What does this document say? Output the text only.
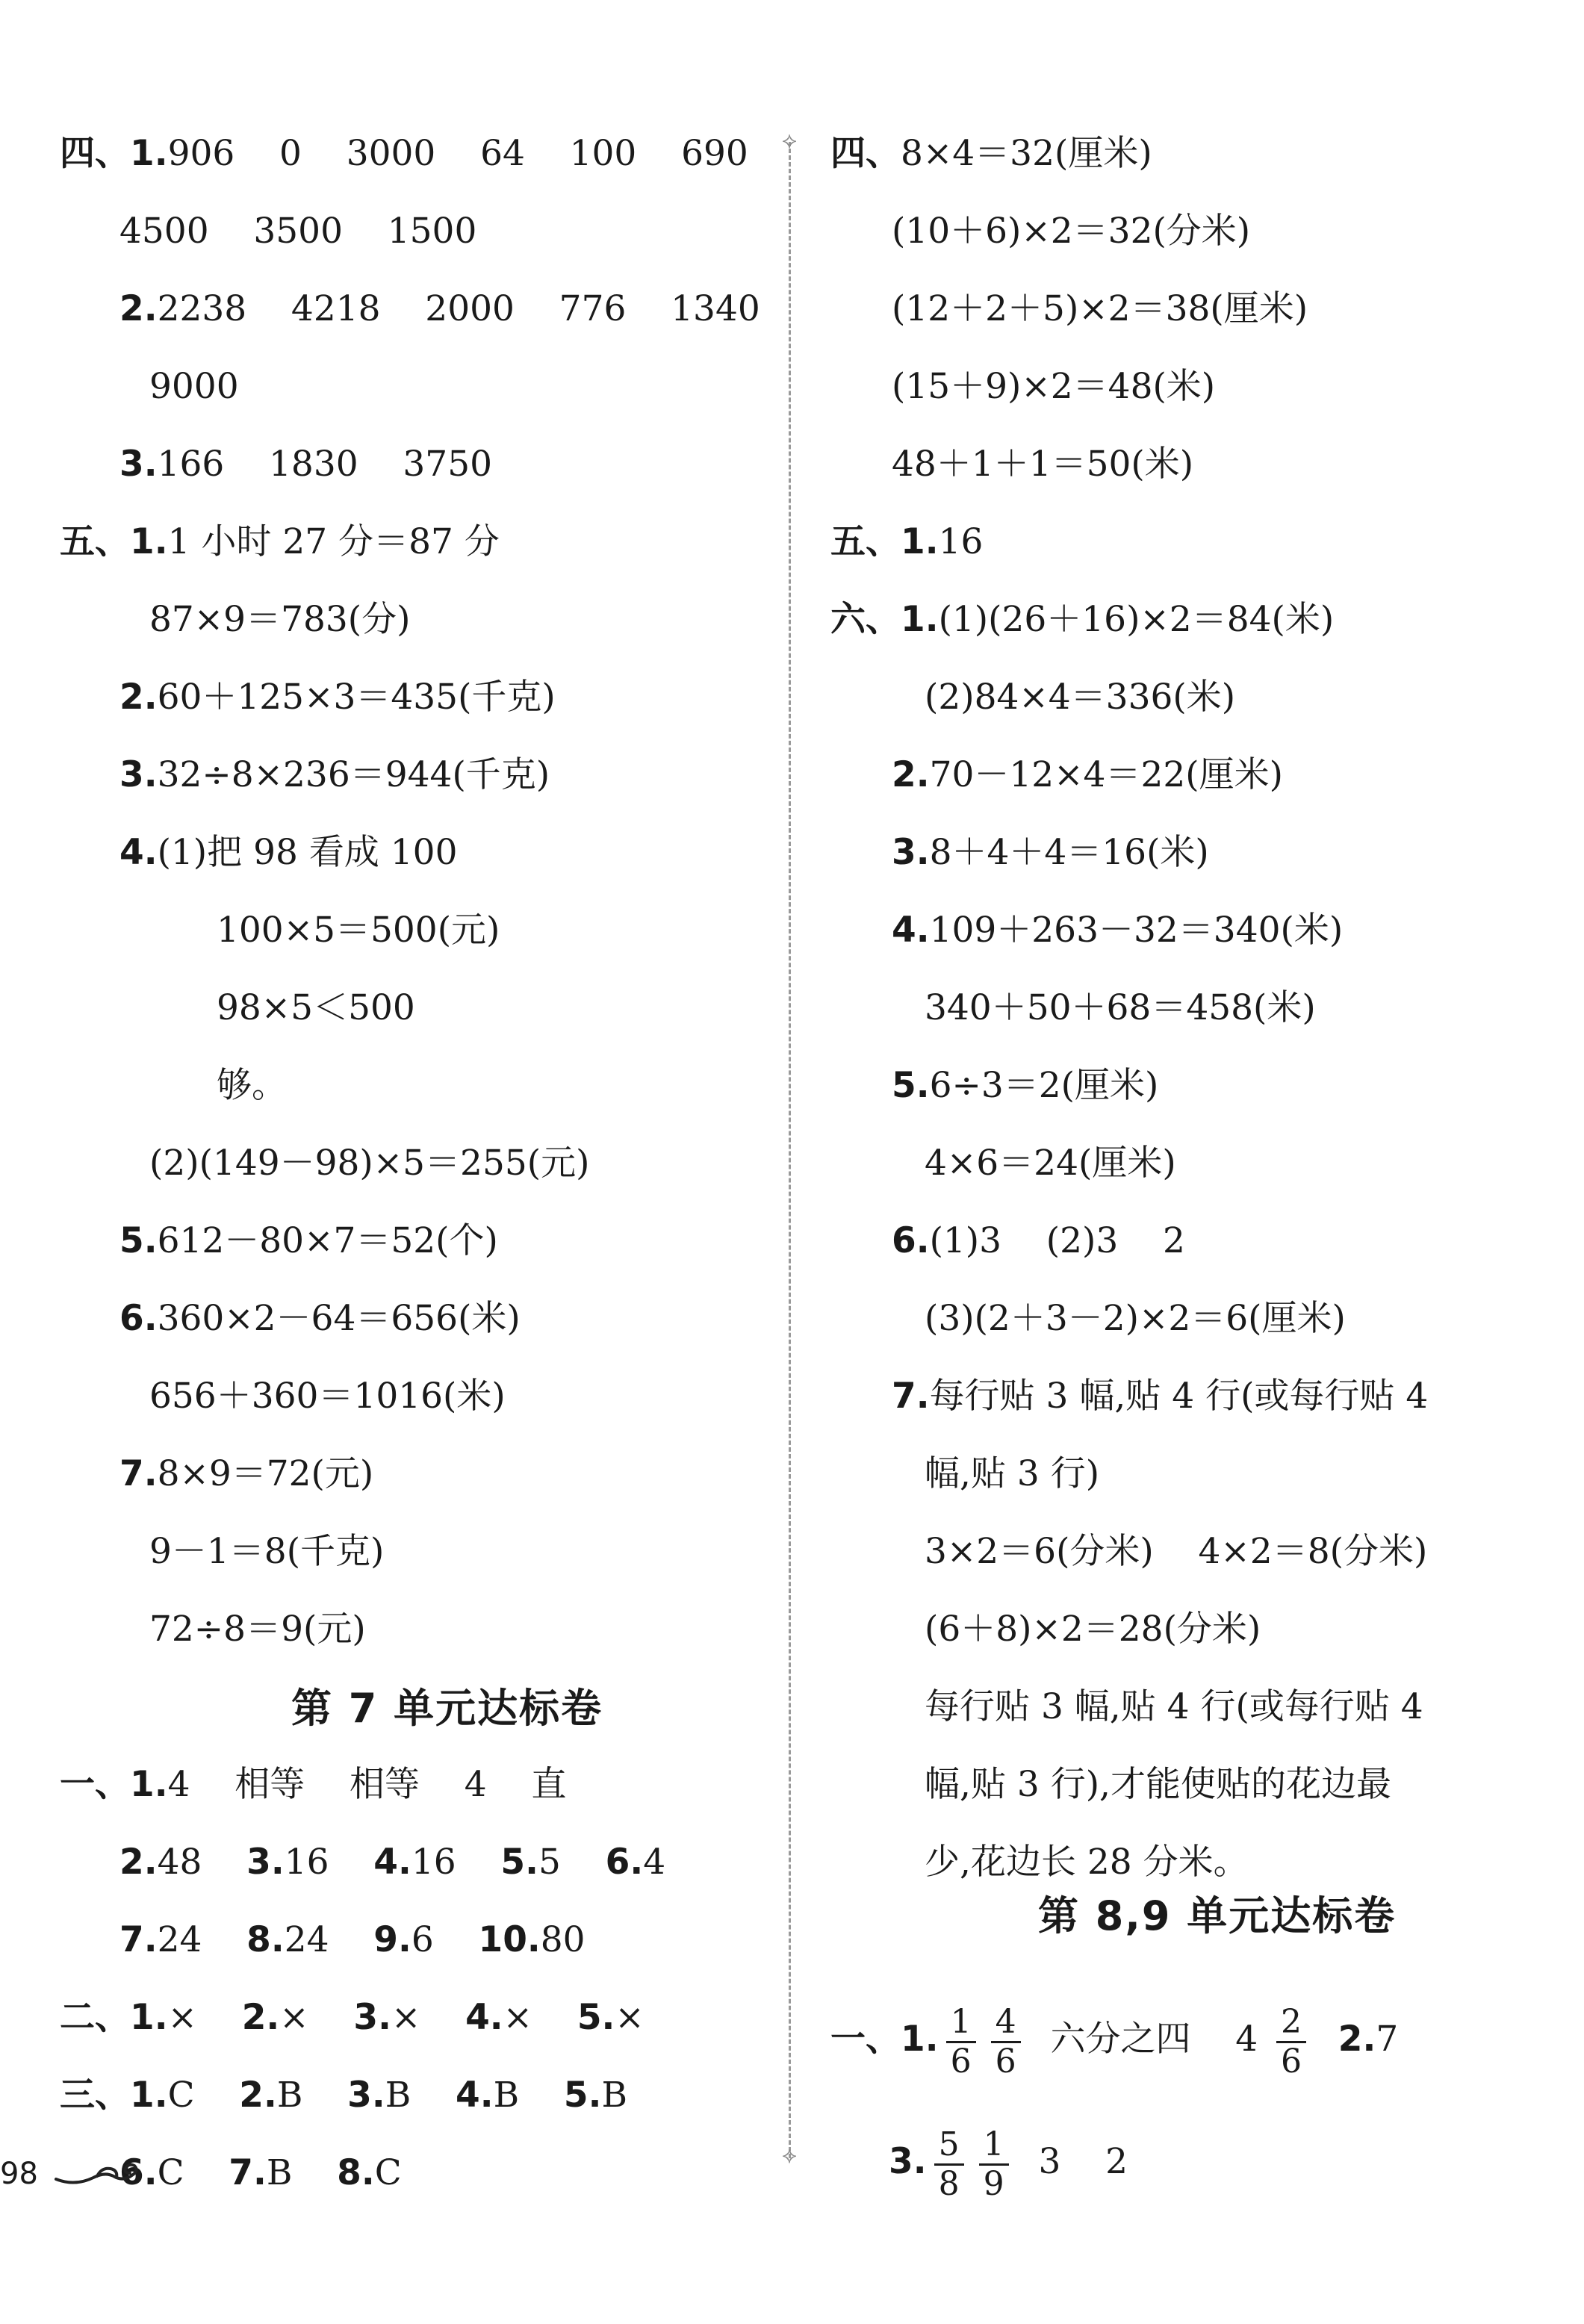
四、1.906    0    3000    64    100    690
4500    3500    1500
2.2238    4218    2000    776    1340
9000
3.166    1830    3750
五、1.1 小时 27 分＝87 分
87×9＝783(分)
2.60＋125×3＝435(千克)
3.32÷8×236＝944(千克)
4.(1)把 98 看成 100
100×5＝500(元)
98×5＜500
够。
(2)(149－98)×5＝255(元)
5.612－80×7＝52(个)
6.360×2－64＝656(米)
656＋360＝1016(米)
7.8×9＝72(元)
9－1＝8(千克)
72÷8＝9(元)
第 7 单元达标卷
一、1.4    相等    相等    4    直
2.48    3.16    4.16    5.5    6.4
7.24    8.24    9.6    10.80
二、1.×    2.×    3.×    4.×    5.×
三、1.C    2.B    3.B    4.B    5.B
6.C    7.B    8.C
四、8×4＝32(厘米)
(10＋6)×2＝32(分米)
(12＋2＋5)×2＝38(厘米)
(15＋9)×2＝48(米)
48＋1＋1＝50(米)
五、1.16
六、1.(1)(26＋16)×2＝84(米)
(2)84×4＝336(米)
2.70－12×4＝22(厘米)
3.8＋4＋4＝16(米)
4.109＋263－32＝340(米)
340＋50＋68＝458(米)
5.6÷3＝2(厘米)
4×6＝24(厘米)
6.(1)3    (2)3    2
(3)(2＋3－2)×2＝6(厘米)
7.每行贴 3 幅,贴 4 行(或每行贴 4
幅,贴 3 行)
3×2＝6(分米)    4×2＝8(分米)
(6＋8)×2＝28(分米)
每行贴 3 幅,贴 4 行(或每行贴 4
幅,贴 3 行),才能使贴的花边最
少,花边长 28 分米。
第 8,9 单元达标卷
一、1. $\frac{1}{6} \frac{4}{6}$ 六分之四    $4 \frac{2}{6} 2.7$
3. $\frac{5}{8} \frac{1}{9} 3$    2
⟡
⟡
98
